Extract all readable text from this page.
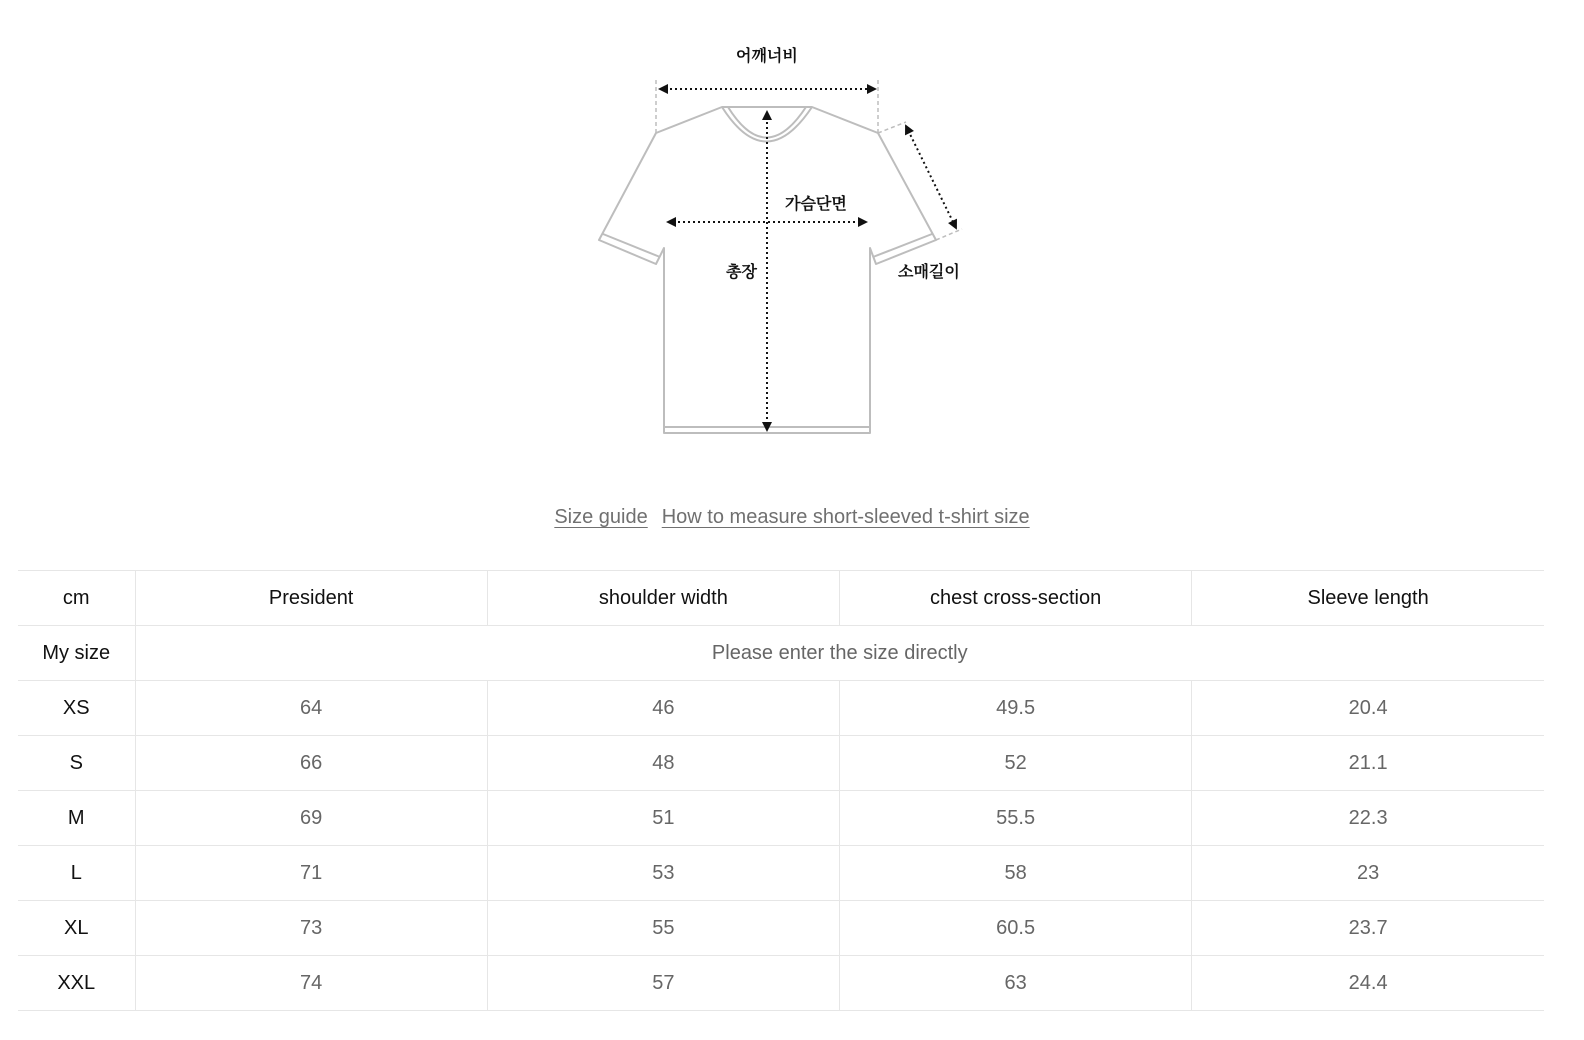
어깨너비
가슴단면
총장	소매길이
Size guide How to measure short-sleeved t-shirt size
cm	President	shoulder width	chest cross-section	Sleeve length
My size	Please enter the size directly			
XS	64	46	49.5	20.4
S	66	48	52	21.1
M	69	51	55.5	22.3
L	71	53	58	23
XL	73	55	60.5	23.7
XXL	74	57	63	24.4
